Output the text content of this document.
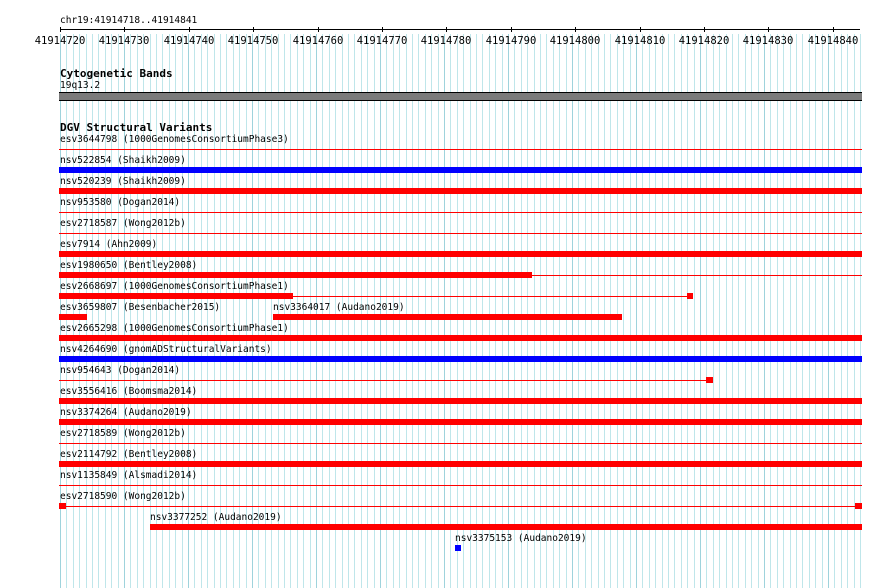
chr19:41914718..41914841
41914720 41914730 41914740 41914750 41914760 41914770 41914780 41914790 41914800 41914810 41914820 41914830 41914840
Cytogenetic Bands
19q13.2
DGV Structural Variants
esv3644798 (1000GenomesConsortiumPhase3)
nsv522854 (Shaikh2009)
nsv520239 (Shaikh2009)
nsv953580 (Dogan2014)
esv2718587 (Wong2012b)
esv7914 (Ahn2009)
esv1980650 (Bentley2008)
esv2668697 (1000GenomesConsortiumPhase1)
esv3659807 (Besenbacher2015)	nsv3364017 (Audano2019)
esv2665298 (1000GenomesConsortiumPhase1)
nsv4264690 (gnomADStructuralVariants)
nsv954643 (Dogan2014)
esv3556416 (Boomsma2014)
nsv3374264 (Audano2019)
esv2718589 (Wong2012b)
esv2114792 (Bentley2008)
nsv1135849 (Alsmadi2014)
esv2718590 (Wong2012b)
nsv3377252 (Audano2019)
nsv3375153 (Audano2019)
